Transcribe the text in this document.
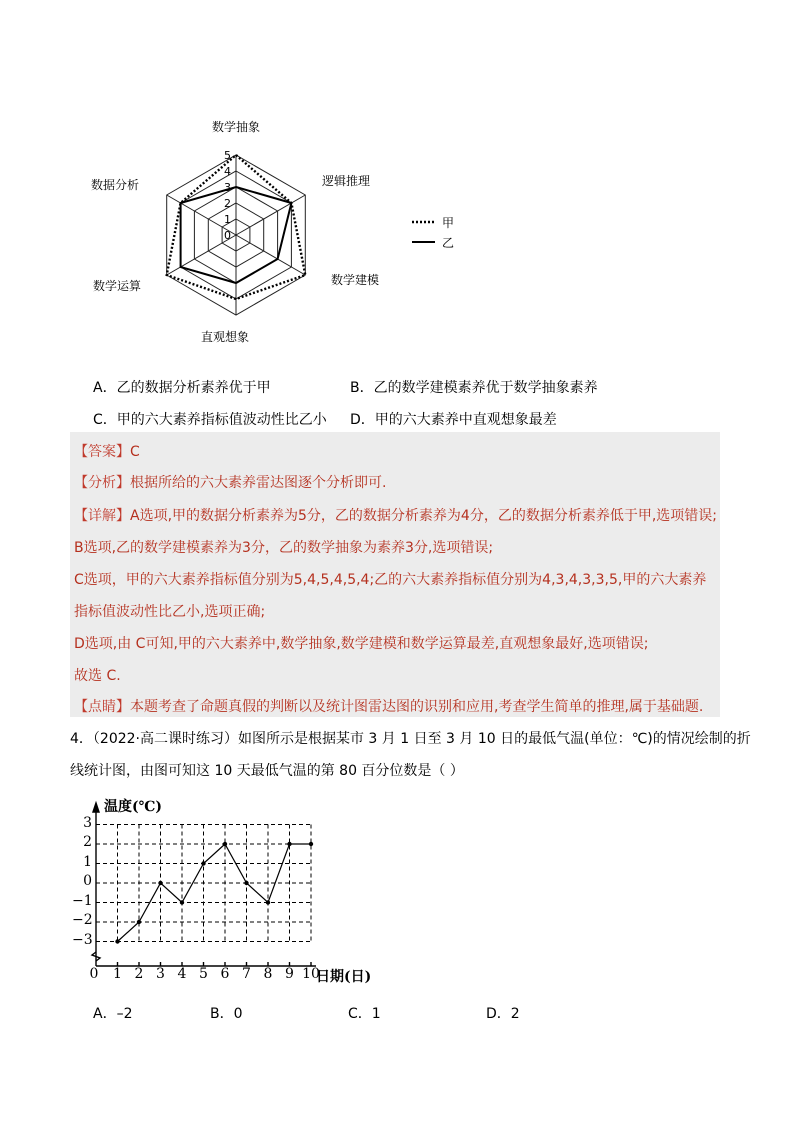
数学抽象
逻辑推理
数学建模
直观想象
数学运算
数据分析
0
1
2
3
4
5
甲
乙
A．乙的数据分析素养优于甲	B．乙的数学建模素养优于数学抽象素养
C．甲的六大素养指标值波动性比乙小 D．甲的六大素养中直观想象最差
【答案】C
【分析】根据所给的六大素养雷达图逐个分析即可.
【详解】A选项,甲的数据分析素养为5分，乙的数据分析素养为4分，乙的数据分析素养低于甲,选项错误;
B选项,乙的数学建模素养为3分，乙的数学抽象为素养3分,选项错误;
C选项，甲的六大素养指标值分别为5,4,5,4,5,4;乙的六大素养指标值分别为4,3,4,3,3,5,甲的六大素养
指标值波动性比乙小,选项正确;
D选项,由 C可知,甲的六大素养中,数学抽象,数学建模和数学运算最差,直观想象最好,选项错误;
故选 C.
【点睛】本题考查了命题真假的判断以及统计图雷达图的识别和应用,考查学生简单的推理,属于基础题.
4．（2022·高二课时练习）如图所示是根据某市 3 月 1 日至 3 月 10 日的最低气温(单位：℃)的情况绘制的折
线统计图，由图可知这 10 天最低气温的第 80 百分位数是（ ）
温度(℃)
日期(日)
3
2
1
0
−1
−2
−3
0	1 2 3 4 5 6 7 8 9 10
A．–2	B．0	C．1	D．2
